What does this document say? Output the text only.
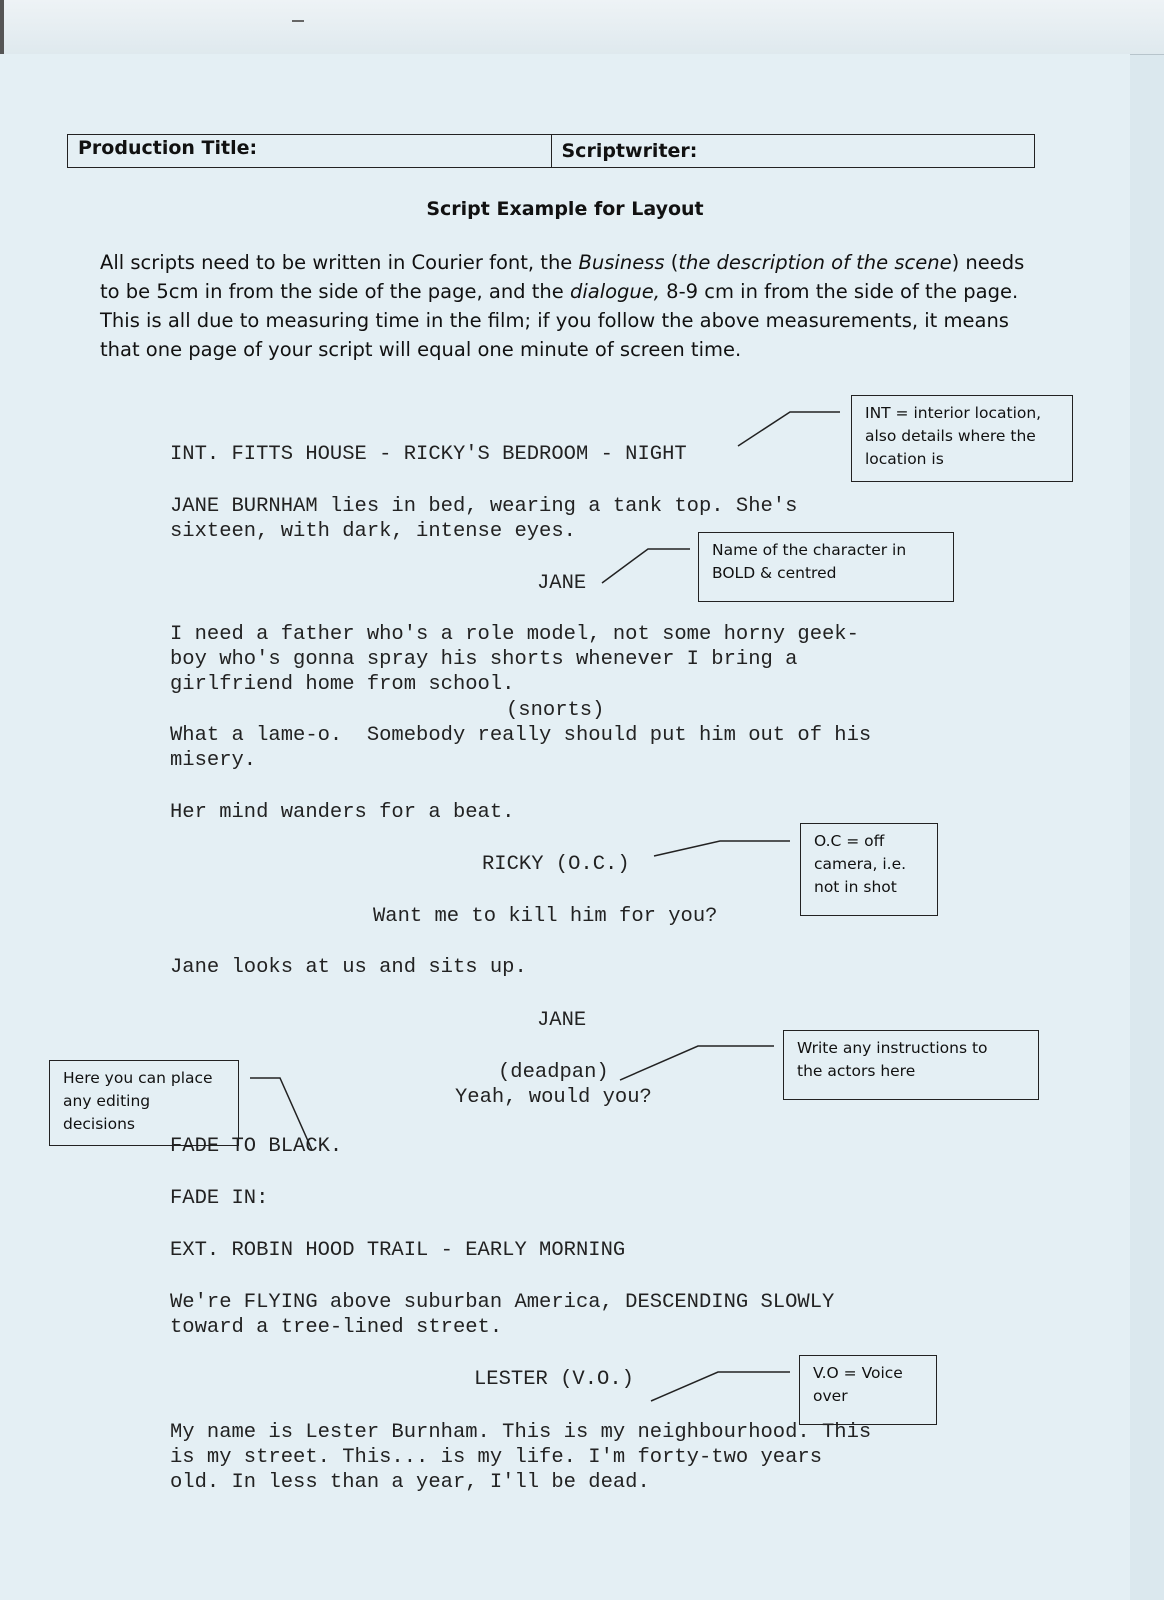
Production Title:	Scriptwriter:
Script Example for Layout
All scripts need to be written in Courier font, the Business (the description of the scene) needs to be 5cm in from the side of the page, and the dialogue, 8-9 cm in from the side of the page. This is all due to measuring time in the film; if you follow the above measurements, it means that one page of your script will equal one minute of screen time.
INT. FITTS HOUSE - RICKY'S BEDROOM - NIGHT
JANE BURNHAM lies in bed, wearing a tank top. She's
sixteen, with dark, intense eyes.
JANE
I need a father who's a role model, not some horny geek-
boy who's gonna spray his shorts whenever I bring a
girlfriend home from school.
(snorts)
What a lame-o.  Somebody really should put him out of his
misery.
Her mind wanders for a beat.
RICKY (O.C.)
Want me to kill him for you?
Jane looks at us and sits up.
JANE
(deadpan)
Yeah, would you?
FADE TO BLACK.
FADE IN:
EXT. ROBIN HOOD TRAIL - EARLY MORNING
We're FLYING above suburban America, DESCENDING SLOWLY
toward a tree-lined street.
LESTER (V.O.)
My name is Lester Burnham. This is my neighbourhood. This
is my street. This... is my life. I'm forty-two years
old. In less than a year, I'll be dead.
INT = interior location,
also details where the
location is
Name of the character in
BOLD & centred
O.C = off
camera, i.e.
not in shot
Write any instructions to
the actors here
Here you can place
any editing
decisions
V.O = Voice
over
